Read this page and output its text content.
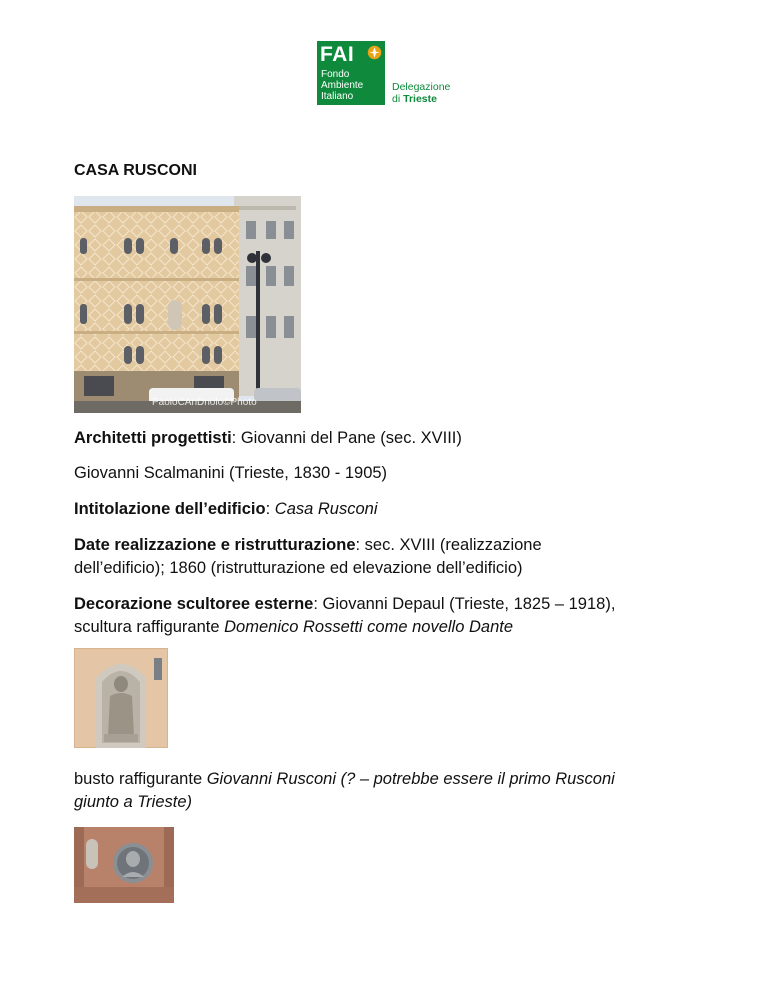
FAI
Fondo
Ambiente
Italiano
Delegazione
di Trieste
CASA RUSCONI
PaoloCAnDriolo©Photo
Architetti progettisti: Giovanni del Pane (sec. XVIII)
Giovanni Scalmanini (Trieste, 1830 - 1905)
Intitolazione dell’edificio: Casa Rusconi
Date realizzazione e ristrutturazione: sec. XVIII (realizzazione
dell’edificio); 1860 (ristrutturazione ed elevazione dell’edificio)
Decorazione scultoree esterne: Giovanni Depaul (Trieste, 1825 – 1918),
scultura raffigurante Domenico Rossetti come novello Dante
busto raffigurante Giovanni Rusconi (? – potrebbe essere il primo Rusconi
giunto a Trieste)
